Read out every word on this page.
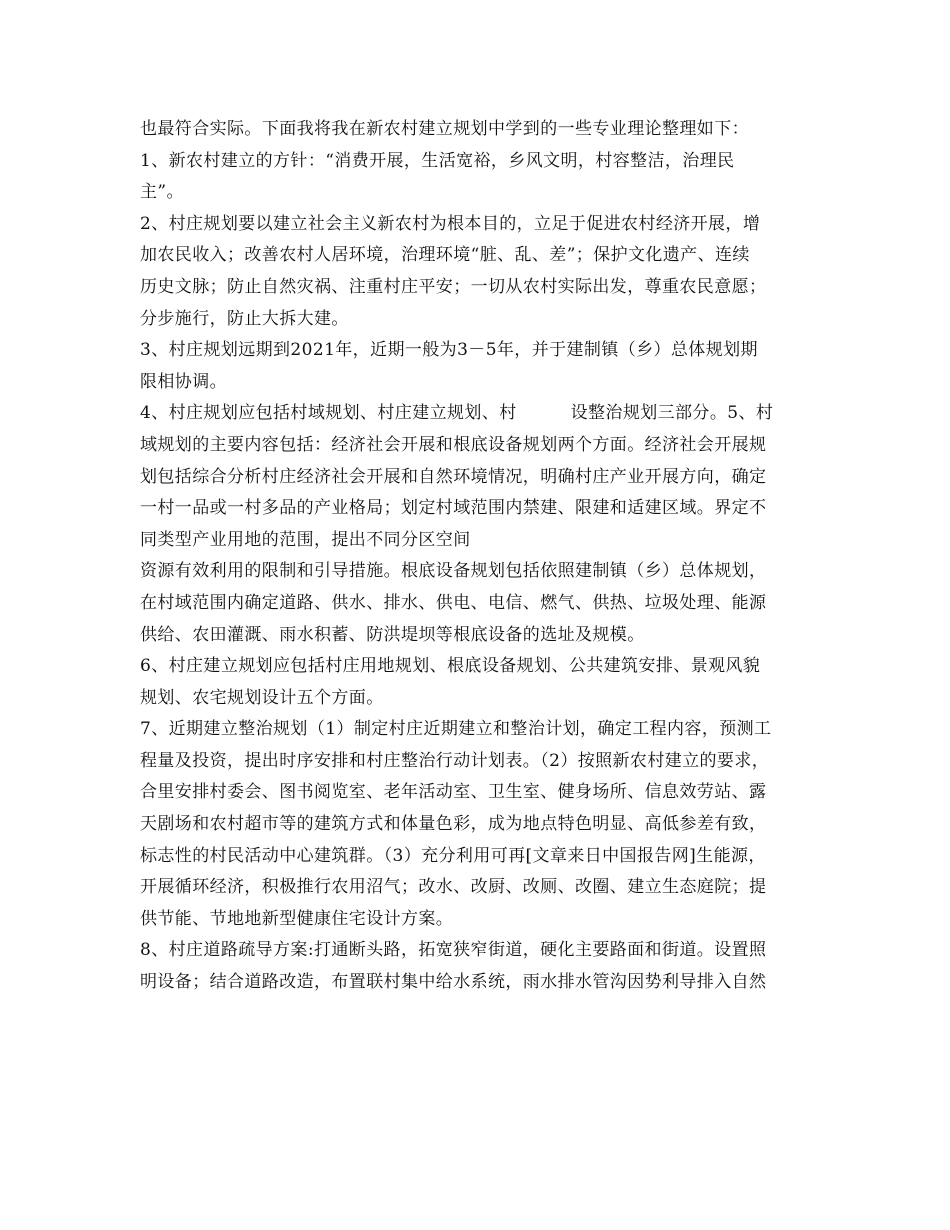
也最符合实际。下面我将我在新农村建立规划中学到的一些专业理论整理如下：
1、新农村建立的方针：“消费开展，生活宽裕，乡风文明，村容整洁，治理民
主”。
2、村庄规划要以建立社会主义新农村为根本目的，立足于促进农村经济开展，增
加农民收入；改善农村人居环境，治理环境“脏、乱、差”；保护文化遗产、连续
历史文脉；防止自然灾祸、注重村庄平安；一切从农村实际出发，尊重农民意愿；
分步施行，防止大拆大建。
3、村庄规划远期到2021年，近期一般为3－5年，并于建制镇（乡）总体规划期
限相协调。
4、村庄规划应包括村域规划、村庄建立规划、村	设整治规划三部分。5、村
域规划的主要内容包括：经济社会开展和根底设备规划两个方面。经济社会开展规
划包括综合分析村庄经济社会开展和自然环境情况，明确村庄产业开展方向，确定
一村一品或一村多品的产业格局；划定村域范围内禁建、限建和适建区域。界定不
同类型产业用地的范围，提出不同分区空间
资源有效利用的限制和引导措施。根底设备规划包括依照建制镇（乡）总体规划，
在村域范围内确定道路、供水、排水、供电、电信、燃气、供热、垃圾处理、能源
供给、农田灌溉、雨水积蓄、防洪堤坝等根底设备的选址及规模。
6、村庄建立规划应包括村庄用地规划、根底设备规划、公共建筑安排、景观风貌
规划、农宅规划设计五个方面。
7、近期建立整治规划（1）制定村庄近期建立和整治计划，确定工程内容，预测工
程量及投资，提出时序安排和村庄整治行动计划表。（2）按照新农村建立的要求，
合里安排村委会、图书阅览室、老年活动室、卫生室、健身场所、信息效劳站、露
天剧场和农村超市等的建筑方式和体量色彩，成为地点特色明显、高低参差有致，
标志性的村民活动中心建筑群。（3）充分利用可再[文章来日中国报告网]生能源，
开展循环经济，积极推行农用沼气；改水、改厨、改厕、改圈、建立生态庭院；提
供节能、节地地新型健康住宅设计方案。
8、村庄道路疏导方案:打通断头路，拓宽狭窄街道，硬化主要路面和街道。设置照
明设备；结合道路改造，布置联村集中给水系统，雨水排水管沟因势利导排入自然
